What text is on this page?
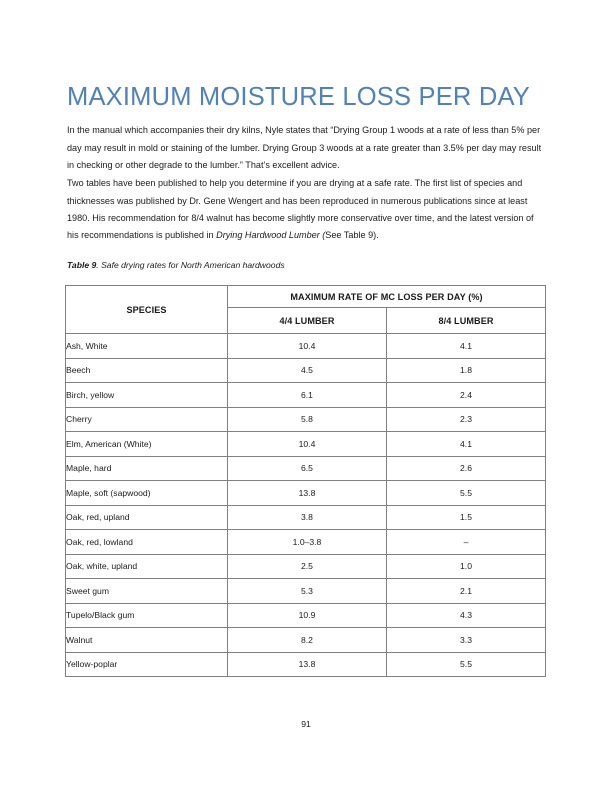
MAXIMUM MOISTURE LOSS PER DAY

In the manual which accompanies their dry kilns, Nyle states that “Drying Group 1 woods at a rate of less than 5% per day may result in mold or staining of the lumber. Drying Group 3 woods at a rate greater than 3.5% per day may result in checking or other degrade to the lumber.” That’s excellent advice.

Two tables have been published to help you determine if you are drying at a safe rate. The first list of species and thicknesses was published by Dr. Gene Wengert and has been reproduced in numerous publications since at least 1980. His recommendation for 8/4 walnut has become slightly more conservative over time, and the latest version of his recommendations is published in Drying Hardwood Lumber (See Table 9).

Table 9. Safe drying rates for North American hardwoods
SPECIES	MAXIMUM RATE OF MC LOSS PER DAY (%)	
	4/4 LUMBER	8/4 LUMBER
Ash, White	10.4	4.1
Beech	4.5	1.8
Birch, yellow	6.1	2.4
Cherry	5.8	2.3
Elm, American (White)	10.4	4.1
Maple, hard	6.5	2.6
Maple, soft (sapwood)	13.8	5.5
Oak, red, upland	3.8	1.5
Oak, red, lowland	1.0–3.8	–
Oak, white, upland	2.5	1.0
Sweet gum	5.3	2.1
Tupelo/Black gum	10.9	4.3
Walnut	8.2	3.3
Yellow-poplar	13.8	5.5
91
